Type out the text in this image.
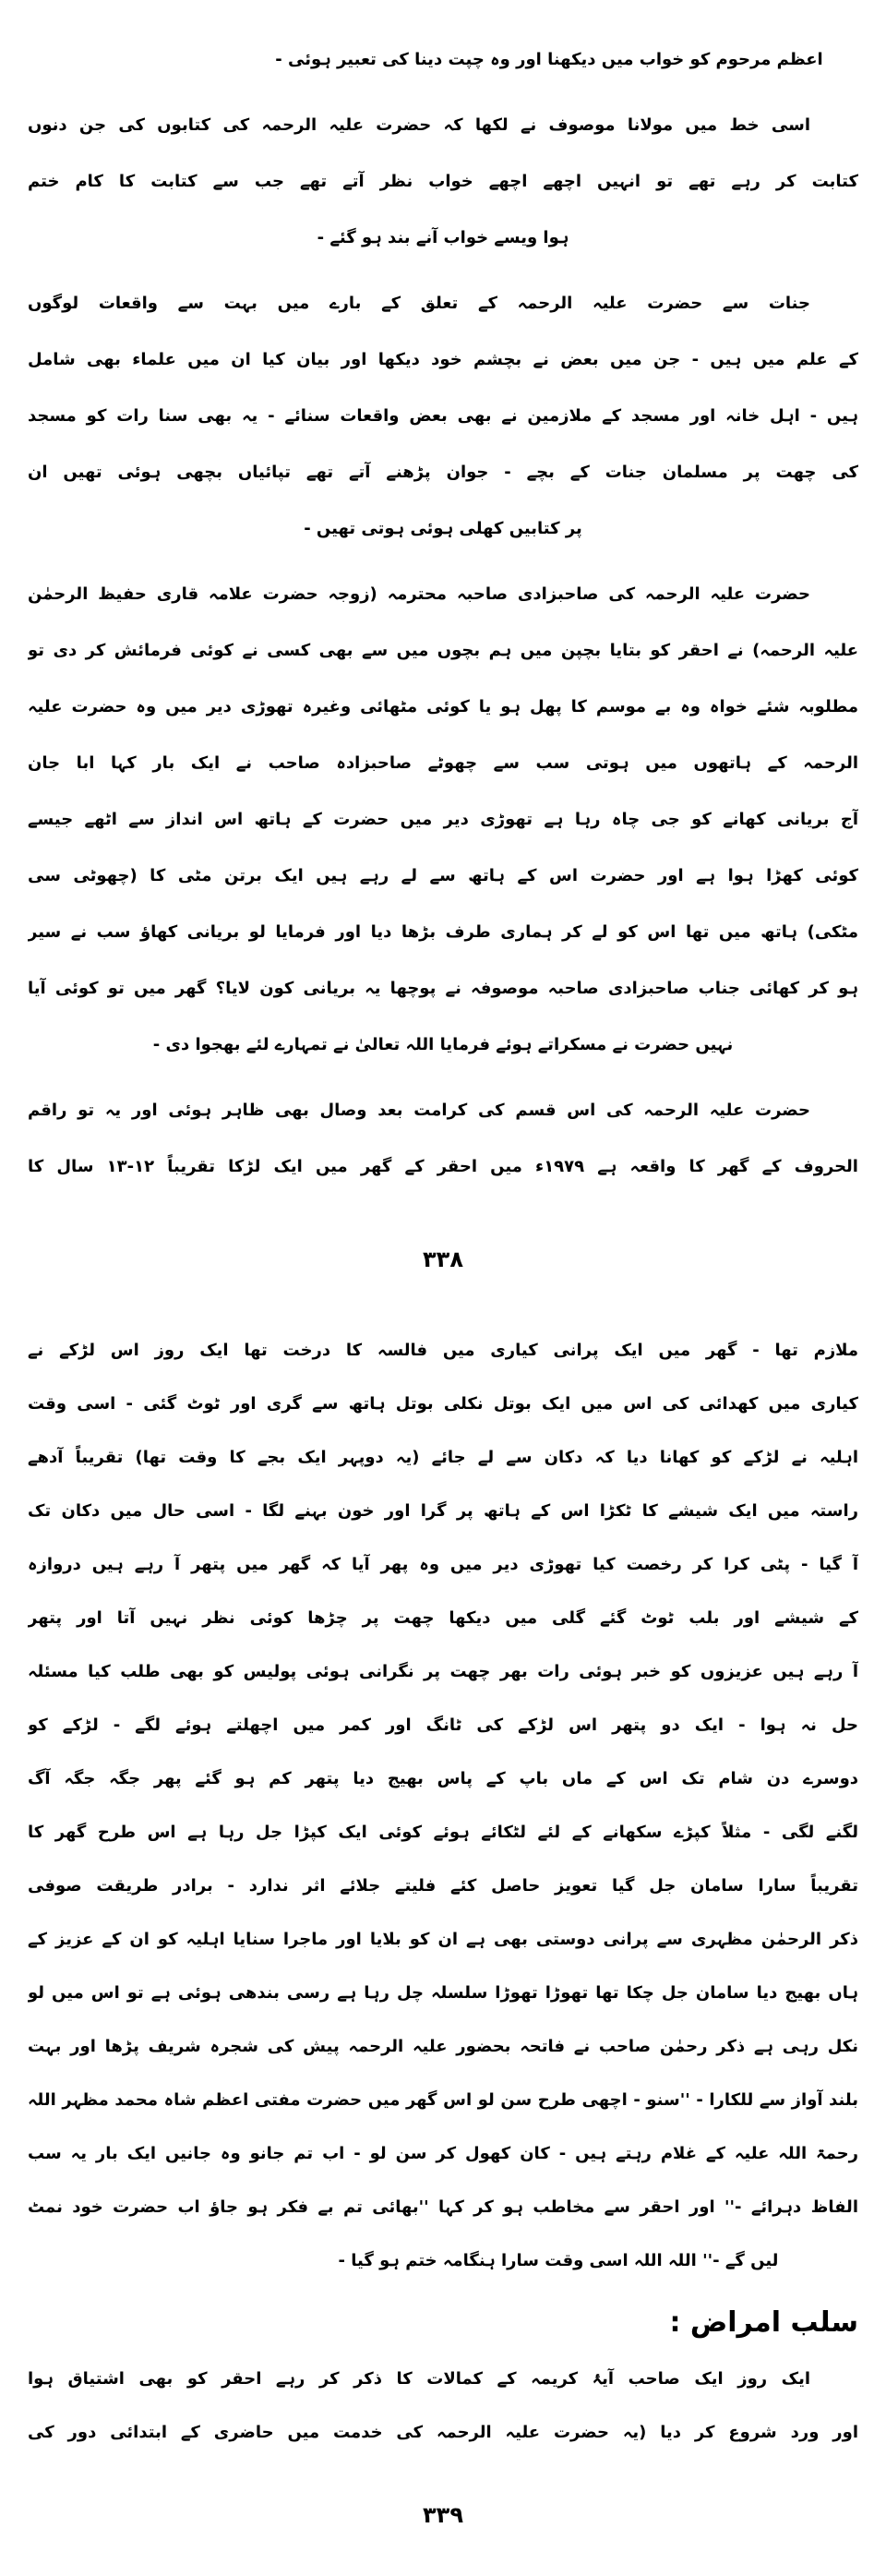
اعظم مرحوم کو خواب میں دیکھنا اور وہ چپت دینا کی تعبیر ہوئی -
اسی خط میں مولانا موصوف نے لکھا کہ حضرت علیہ الرحمہ کی کتابوں کی جن دنوں
کتابت کر رہے تھے تو انہیں اچھے اچھے خواب نظر آتے تھے جب سے کتابت کا کام ختم
ہوا ویسے خواب آنے بند ہو گئے -
جنات سے حضرت علیہ الرحمہ کے تعلق کے بارے میں بہت سے واقعات لوگوں
کے علم میں ہیں - جن میں بعض نے بچشم خود دیکھا اور بیان کیا ان میں علماء بھی شامل
ہیں - اہل خانہ اور مسجد کے ملازمین نے بھی بعض واقعات سنائے - یہ بھی سنا رات کو مسجد
کی چھت پر مسلمان جنات کے بچے - جوان پڑھنے آتے تھے تپائیاں بچھی ہوئی تھیں ان
پر کتابیں کھلی ہوئی ہوتی تھیں -
حضرت علیہ الرحمہ کی صاحبزادی صاحبہ محترمہ (زوجہ حضرت علامہ قاری حفیظ الرحمٰن
علیہ الرحمہ) نے احقر کو بتایا بچپن میں ہم بچوں میں سے بھی کسی نے کوئی فرمائش کر دی تو
مطلوبہ شئے خواہ وہ بے موسم کا پھل ہو یا کوئی مٹھائی وغیرہ تھوڑی دیر میں وہ حضرت علیہ
الرحمہ کے ہاتھوں میں ہوتی سب سے چھوٹے صاحبزادہ صاحب نے ایک بار کہا ابا جان
آج بریانی کھانے کو جی چاہ رہا ہے تھوڑی دیر میں حضرت کے ہاتھ اس انداز سے اٹھے جیسے
کوئی کھڑا ہوا ہے اور حضرت اس کے ہاتھ سے لے رہے ہیں ایک برتن مٹی کا (چھوٹی سی
مٹکی) ہاتھ میں تھا اس کو لے کر ہماری طرف بڑھا دیا اور فرمایا لو بریانی کھاؤ سب نے سیر
ہو کر کھائی جناب صاحبزادی صاحبہ موصوفہ نے پوچھا یہ بریانی کون لایا؟ گھر میں تو کوئی آیا
نہیں حضرت نے مسکراتے ہوئے فرمایا اللہ تعالیٰ نے تمہارے لئے بھجوا دی -
حضرت علیہ الرحمہ کی اس قسم کی کرامت بعد وصال بھی ظاہر ہوئی اور یہ تو راقم
الحروف کے گھر کا واقعہ ہے ۱۹۷۹ء میں احقر کے گھر میں ایک لڑکا تقریباً ۱۲-۱۳ سال کا
۳۳۸
ملازم تھا - گھر میں ایک پرانی کیاری میں فالسہ کا درخت تھا ایک روز اس لڑکے نے
کیاری میں کھدائی کی اس میں ایک بوتل نکلی بوتل ہاتھ سے گری اور ٹوٹ گئی - اسی وقت
اہلیہ نے لڑکے کو کھانا دیا کہ دکان سے لے جائے (یہ دوپہر ایک بجے کا وقت تھا) تقریباً آدھے
راستہ میں ایک شیشے کا ٹکڑا اس کے ہاتھ پر گرا اور خون بہنے لگا - اسی حال میں دکان تک
آ گیا - پٹی کرا کر رخصت کیا تھوڑی دیر میں وہ پھر آیا کہ گھر میں پتھر آ رہے ہیں دروازہ
کے شیشے اور بلب ٹوٹ گئے گلی میں دیکھا چھت پر چڑھا کوئی نظر نہیں آتا اور پتھر
آ رہے ہیں عزیزوں کو خبر ہوئی رات بھر چھت پر نگرانی ہوئی پولیس کو بھی طلب کیا مسئلہ
حل نہ ہوا - ایک دو پتھر اس لڑکے کی ٹانگ اور کمر میں اچھلتے ہوئے لگے - لڑکے کو
دوسرے دن شام تک اس کے ماں باپ کے پاس بھیج دیا پتھر کم ہو گئے پھر جگہ جگہ آگ
لگنے لگی - مثلاً کپڑے سکھانے کے لئے لٹکائے ہوئے کوئی ایک کپڑا جل رہا ہے اس طرح گھر کا
تقریباً سارا سامان جل گیا تعویز حاصل کئے فلیتے جلائے اثر ندارد - برادر طریقت صوفی
ذکر الرحمٰن مظہری سے پرانی دوستی بھی ہے ان کو بلایا اور ماجرا سنایا اہلیہ کو ان کے عزیز کے
ہاں بھیج دیا سامان جل چکا تھا تھوڑا تھوڑا سلسلہ چل رہا ہے رسی بندھی ہوئی ہے تو اس میں لو
نکل رہی ہے ذکر رحمٰن صاحب نے فاتحہ بحضور علیہ الرحمہ پیش کی شجرہ شریف پڑھا اور بہت
بلند آواز سے للکارا - ''سنو - اچھی طرح سن لو اس گھر میں حضرت مفتی اعظم شاہ محمد مظہر اللہ
رحمۃ اللہ علیہ کے غلام رہتے ہیں - کان کھول کر سن لو - اب تم جانو وہ جانیں ایک بار یہ سب
الفاظ دہرائے -'' اور احقر سے مخاطب ہو کر کہا ''بھائی تم بے فکر ہو جاؤ اب حضرت خود نمٹ
لیں گے -'' اللہ اللہ اسی وقت سارا ہنگامہ ختم ہو گیا -
سلب امراض :
ایک روز ایک صاحب آیۂ کریمہ کے کمالات کا ذکر کر رہے احقر کو بھی اشتیاق ہوا
اور ورد شروع کر دیا (یہ حضرت علیہ الرحمہ کی خدمت میں حاضری کے ابتدائی دور کی
۳۳۹
